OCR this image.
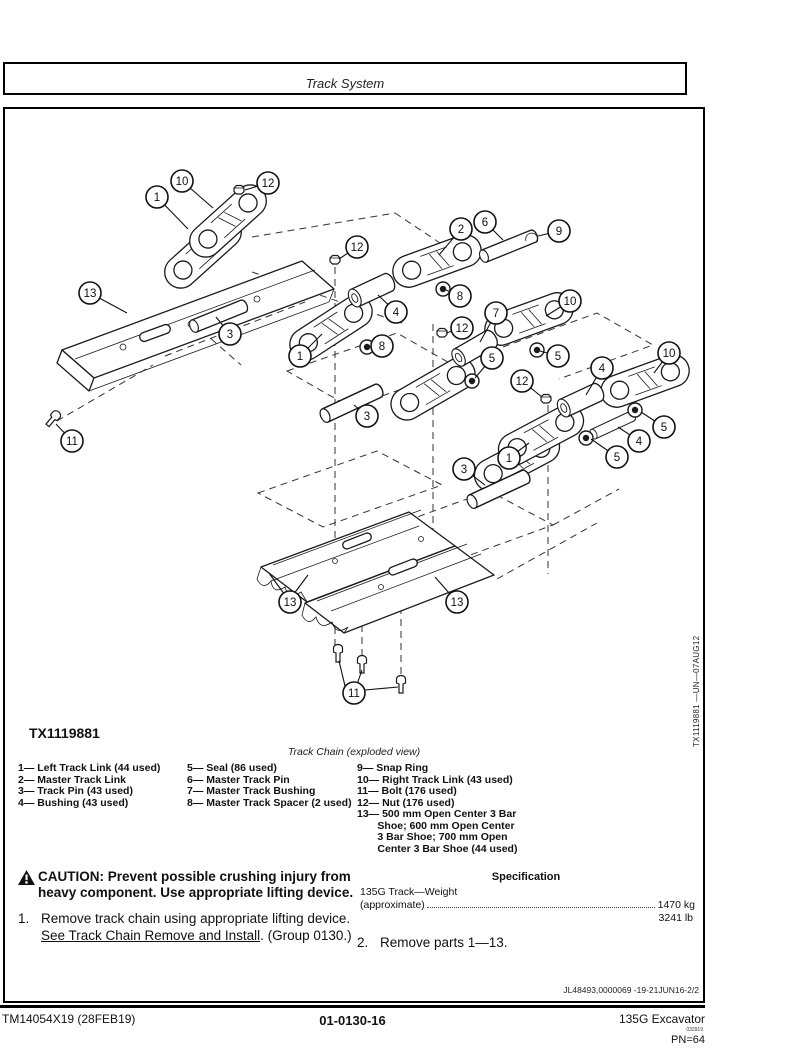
Track System
1
10	12
2
6
9
12
13
3
4
8
1
8
10
7
12
5	5	10
4
12
5
4
3
1	5
3
11
13	13
11	TX1119881 —UN—07AUG12
TX1119881
Track Chain (exploded view)
1— Left Track Link (44 used)
2— Master Track Link
3— Track Pin (43 used)
4— Bushing (43 used)
5— Seal (86 used)
6— Master Track Pin
7— Master Track Bushing
8— Master Track Spacer (2 used)
9— Snap Ring
10— Right Track Link (43 used)
11— Bolt (176 used)
12— Nut (176 used)
13— 500 mm Open Center 3 Bar
Shoe; 600 mm Open Center
3 Bar Shoe; 700 mm Open
Center 3 Bar Shoe (44 used)
CAUTION: Prevent possible crushing injury from heavy component. Use appropriate lifting device.
1. Remove track chain using appropriate lifting device. See Track Chain Remove and Install. (Group 0130.)
Specification
135G Track—Weight
(approximate)	1470 kg
3241 lb
2. Remove parts 1—13.
JL48493,0000069 -19-21JUN16-2/2
TM14054X19 (28FEB19)	01-0130-16	135G Excavator
032919
PN=64
